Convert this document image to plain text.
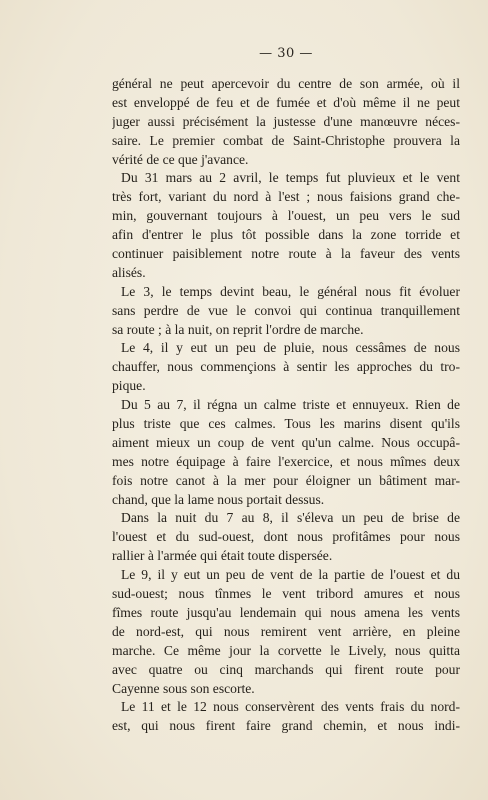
— 30 —
général ne peut apercevoir du centre de son armée, où il
est enveloppé de feu et de fumée et d'où même il ne peut
juger aussi précisément la justesse d'une manœuvre néces-
saire. Le premier combat de Saint-Christophe prouvera la
vérité de ce que j'avance.
Du 31 mars au 2 avril, le temps fut pluvieux et le vent
très fort, variant du nord à l'est ; nous faisions grand che-
min, gouvernant toujours à l'ouest, un peu vers le sud
afin d'entrer le plus tôt possible dans la zone torride et
continuer paisiblement notre route à la faveur des vents
alisés.
Le 3, le temps devint beau, le général nous fit évoluer
sans perdre de vue le convoi qui continua tranquillement
sa route ; à la nuit, on reprit l'ordre de marche.
Le 4, il y eut un peu de pluie, nous cessâmes de nous
chauffer, nous commençions à sentir les approches du tro-
pique.
Du 5 au 7, il régna un calme triste et ennuyeux. Rien de
plus triste que ces calmes. Tous les marins disent qu'ils
aiment mieux un coup de vent qu'un calme. Nous occupâ-
mes notre équipage à faire l'exercice, et nous mîmes deux
fois notre canot à la mer pour éloigner un bâtiment mar-
chand, que la lame nous portait dessus.
Dans la nuit du 7 au 8, il s'éleva un peu de brise de
l'ouest et du sud-ouest, dont nous profitâmes pour nous
rallier à l'armée qui était toute dispersée.
Le 9, il y eut un peu de vent de la partie de l'ouest et du
sud-ouest; nous tînmes le vent tribord amures et nous
fîmes route jusqu'au lendemain qui nous amena les vents
de nord-est, qui nous remirent vent arrière, en pleine
marche. Ce même jour la corvette le Lively, nous quitta
avec quatre ou cinq marchands qui firent route pour
Cayenne sous son escorte.
Le 11 et le 12 nous conservèrent des vents frais du nord-
est, qui nous firent faire grand chemin, et nous indi-
